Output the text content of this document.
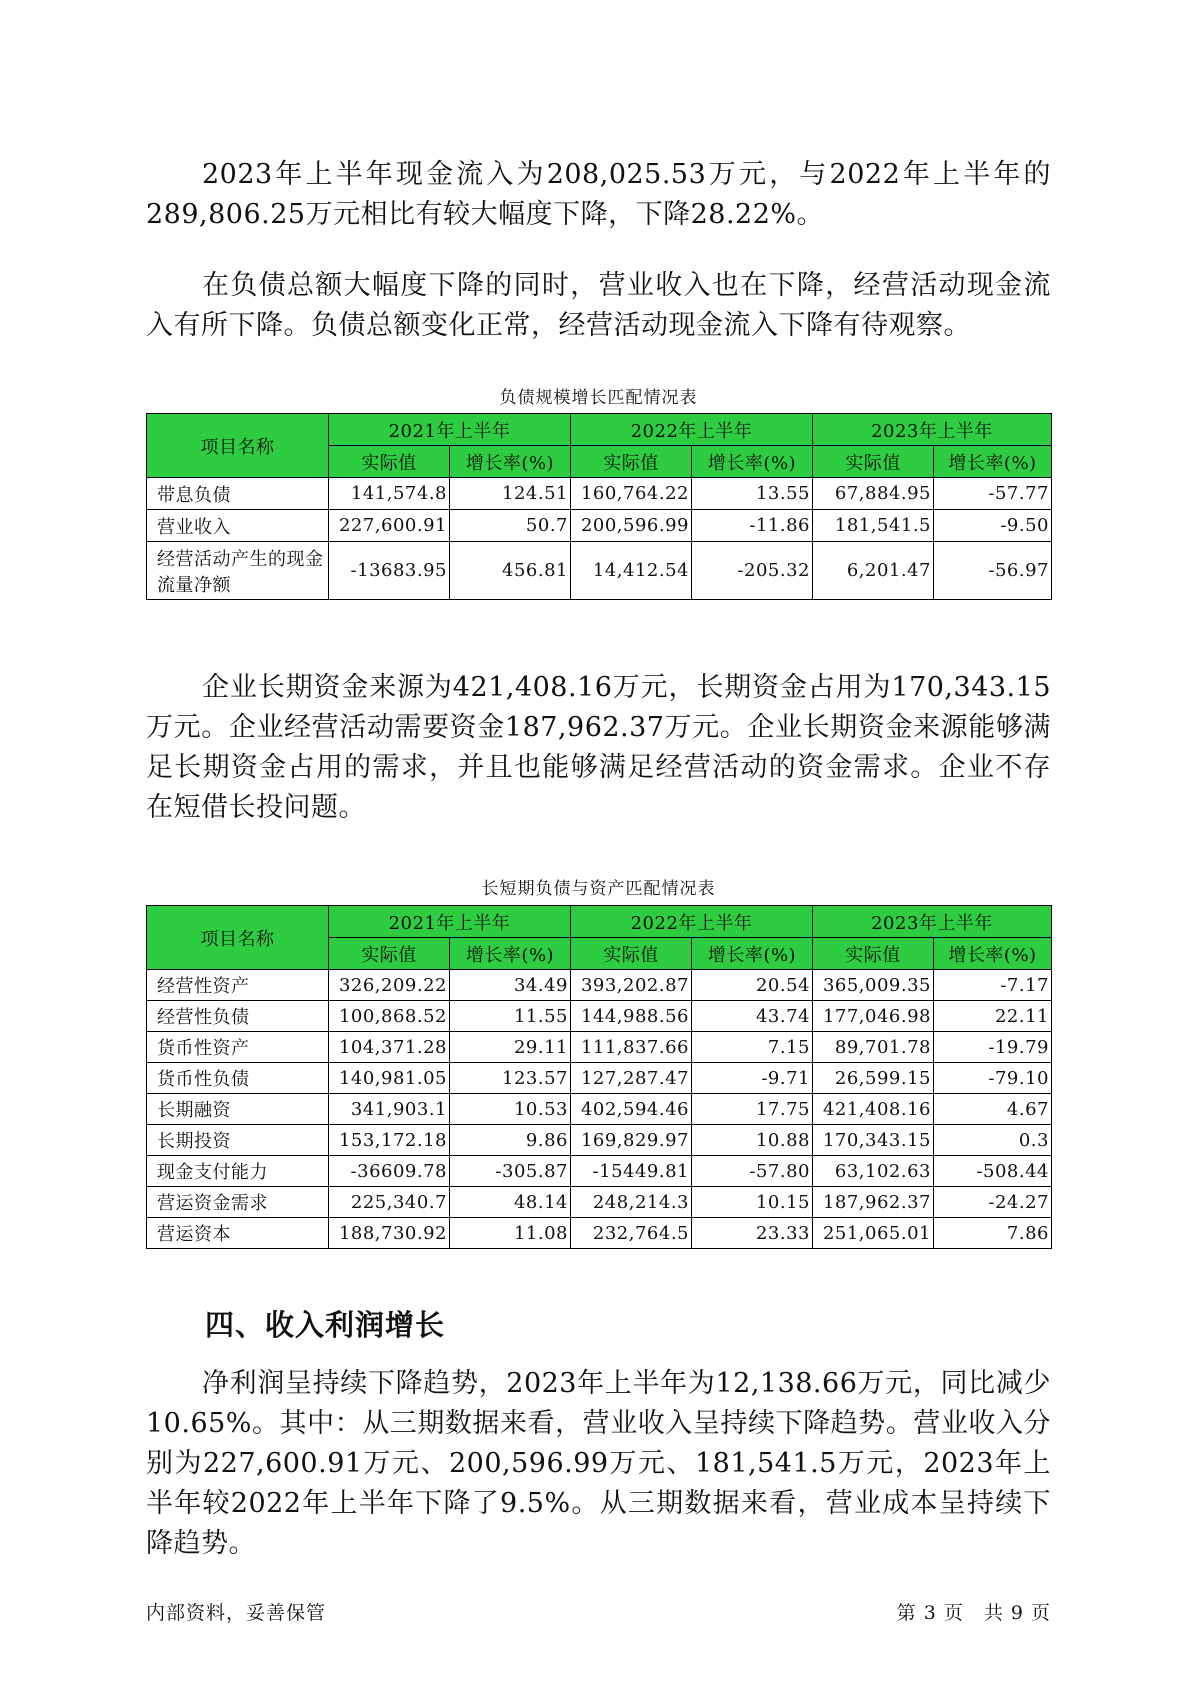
2023年上半年现金流入为208,025.53万元，与2022年上半年的289,806.25万元相比有较大幅度下降，下降28.22%。

在负债总额大幅度下降的同时，营业收入也在下降，经营活动现金流入有所下降。负债总额变化正常，经营活动现金流入下降有待观察。

负债规模增长匹配情况表
项目名称	2021年上半年		2022年上半年		2023年上半年	
	实际值	增长率(%)	实际值	增长率(%)	实际值	增长率(%)
带息负债	141,574.8	124.51	160,764.22	13.55	67,884.95	-57.77
营业收入	227,600.91	50.7	200,596.99	-11.86	181,541.5	-9.50
经营活动产生的现金流量净额	-13683.95	456.81	14,412.54	-205.32	6,201.47	-56.97

企业长期资金来源为421,408.16万元，长期资金占用为170,343.15万元。企业经营活动需要资金187,962.37万元。企业长期资金来源能够满足长期资金占用的需求，并且也能够满足经营活动的资金需求。企业不存在短借长投问题。

长短期负债与资产匹配情况表
项目名称	2021年上半年		2022年上半年		2023年上半年	
	实际值	增长率(%)	实际值	增长率(%)	实际值	增长率(%)
经营性资产	326,209.22	34.49	393,202.87	20.54	365,009.35	-7.17
经营性负债	100,868.52	11.55	144,988.56	43.74	177,046.98	22.11
货币性资产	104,371.28	29.11	111,837.66	7.15	89,701.78	-19.79
货币性负债	140,981.05	123.57	127,287.47	-9.71	26,599.15	-79.10
长期融资	341,903.1	10.53	402,594.46	17.75	421,408.16	4.67
长期投资	153,172.18	9.86	169,829.97	10.88	170,343.15	0.3
现金支付能力	-36609.78	-305.87	-15449.81	-57.80	63,102.63	-508.44
营运资金需求	225,340.7	48.14	248,214.3	10.15	187,962.37	-24.27
营运资本	188,730.92	11.08	232,764.5	23.33	251,065.01	7.86
四、收入利润增长

净利润呈持续下降趋势，2023年上半年为12,138.66万元，同比减少10.65%。其中：从三期数据来看，营业收入呈持续下降趋势。营业收入分别为227,600.91万元、200,596.99万元、181,541.5万元，2023年上半年较2022年上半年下降了9.5%。从三期数据来看，营业成本呈持续下降趋势。

内部资料，妥善保管	第 3 页　共 9 页
